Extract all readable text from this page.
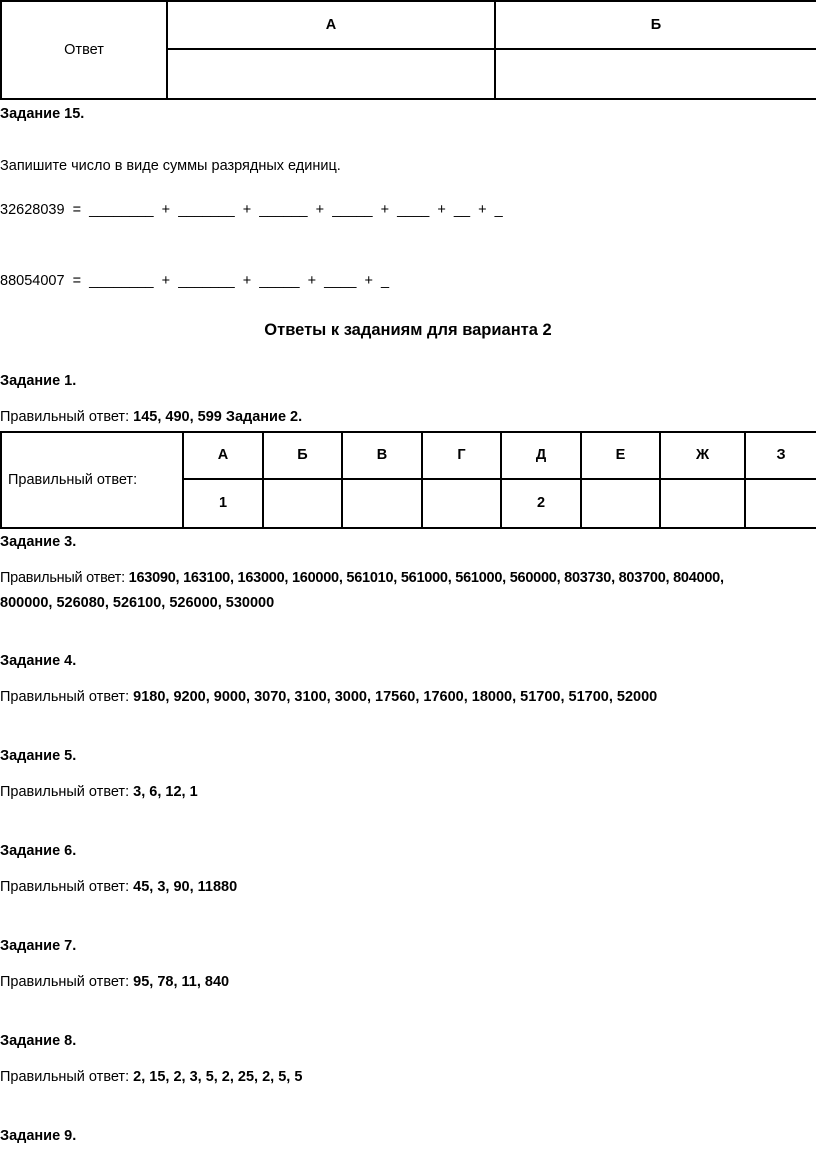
Ответ	А	Б

Задание 15.
Запишите число в виде суммы разрядных единиц.
32628039  =  ________  +  _______  +  ______  +  _____  +  ____  +  __  +  _
88054007  =  ________  +  _______  +  _____  +  ____  +  _
Ответы к заданиям для варианта 2
Задание 1.
Правильный ответ: 145, 490, 599 Задание 2.
Правильный ответ:	А	Б	В	Г	Д	Е	Ж	З
	1				2			
Задание 3.
Правильный ответ: 163090, 163100, 163000, 160000, 561010, 561000, 561000, 560000, 803730, 803700, 804000,
800000, 526080, 526100, 526000, 530000
Задание 4.
Правильный ответ: 9180, 9200, 9000, 3070, 3100, 3000, 17560, 17600, 18000, 51700, 51700, 52000
Задание 5.
Правильный ответ: 3, 6, 12, 1
Задание 6.
Правильный ответ: 45, 3, 90, 11880
Задание 7.
Правильный ответ: 95, 78, 11, 840
Задание 8.
Правильный ответ: 2, 15, 2, 3, 5, 2, 25, 2, 5, 5
Задание 9.
